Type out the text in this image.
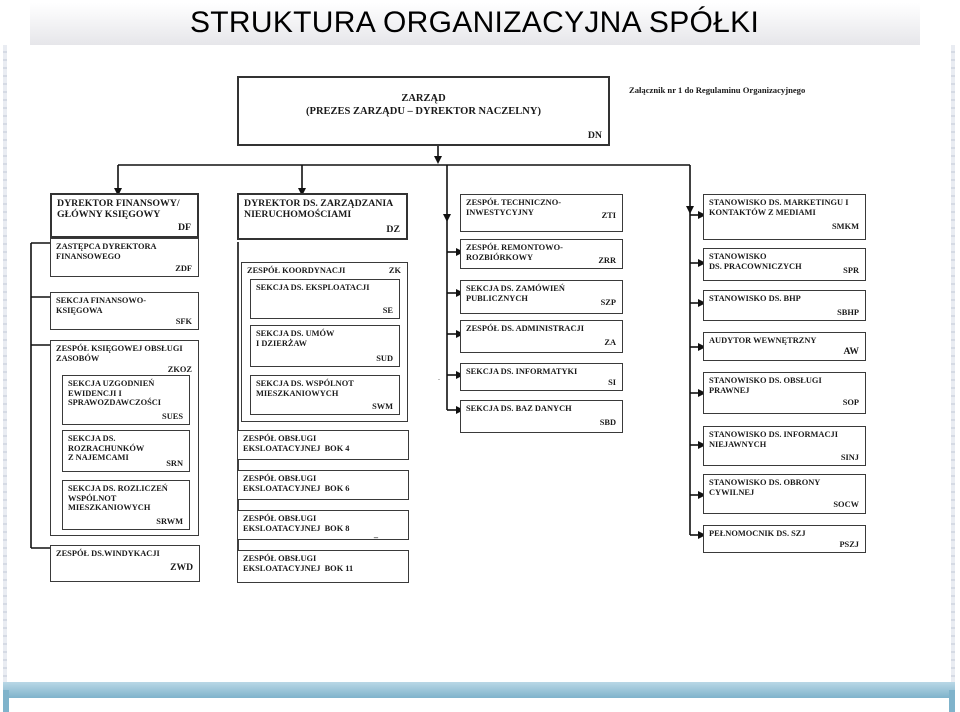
STRUKTURA ORGANIZACYJNA SPÓŁKI
Załącznik nr 1 do Regulaminu Organizacyjnego
.
ZARZĄD
(PREZES ZARZĄDU – DYREKTOR NACZELNY)
DN
DYREKTOR FINANSOWY/
GŁÓWNY KSIĘGOWY
DF
ZASTĘPCA DYREKTORA
FINANSOWEGO
ZDF
SEKCJA FINANSOWO-
KSIĘGOWA
SFK
ZESPÓŁ KSIĘGOWEJ OBSŁUGI
ZASOBÓW
ZKOZ
SEKCJA UZGODNIEŃ
EWIDENCJI I
SPRAWOZDAWCZOŚCI
SUES
SEKCJA DS.
ROZRACHUNKÓW
Z NAJEMCAMI
SRN
SEKCJA DS. ROZLICZEŃ
WSPÓLNOT
MIESZKANIOWYCH
SRWM
ZESPÓŁ DS.WINDYKACJI
ZWD
DYREKTOR DS. ZARZĄDZANIA
NIERUCHOMOŚCIAMI
DZ
ZESPÓŁ KOORDYNACJI	ZK
SEKCJA DS. EKSPLOATACJI
SE
SEKCJA DS. UMÓW
I DZIERŻAW
SUD
SEKCJA DS. WSPÓLNOT
MIESZKANIOWYCH
SWM
ZESPÓŁ OBSŁUGI
EKSLOATACYJNEJ  BOK 4
ZESPÓŁ OBSŁUGI
EKSLOATACYJNEJ  BOK 6
ZESPÓŁ OBSŁUGI
EKSLOATACYJNEJ  BOK 8
_
ZESPÓŁ OBSŁUGI
EKSLOATACYJNEJ  BOK 11
ZESPÓŁ TECHNICZNO-
INWESTYCYJNY	ZTI
ZESPÓŁ REMONTOWO-
ROZBIÓRKOWY	ZRR
SEKCJA DS. ZAMÓWIEŃ
PUBLICZNYCH	SZP
ZESPÓŁ DS. ADMINISTRACJI
ZA
SEKCJA DS. INFORMATYKI
SI
SEKCJA DS. BAZ DANYCH
SBD
STANOWISKO DS. MARKETINGU I
KONTAKTÓW Z MEDIAMI
SMKM
STANOWISKO
DS. PRACOWNICZYCH	SPR
STANOWISKO DS. BHP
SBHP
AUDYTOR WEWNĘTRZNY
AW
STANOWISKO DS. OBSŁUGI
PRAWNEJ
SOP
STANOWISKO DS. INFORMACJI
NIEJAWNYCH
SINJ
STANOWISKO DS. OBRONY
CYWILNEJ
SOCW
PEŁNOMOCNIK DS. SZJ
PSZJ
